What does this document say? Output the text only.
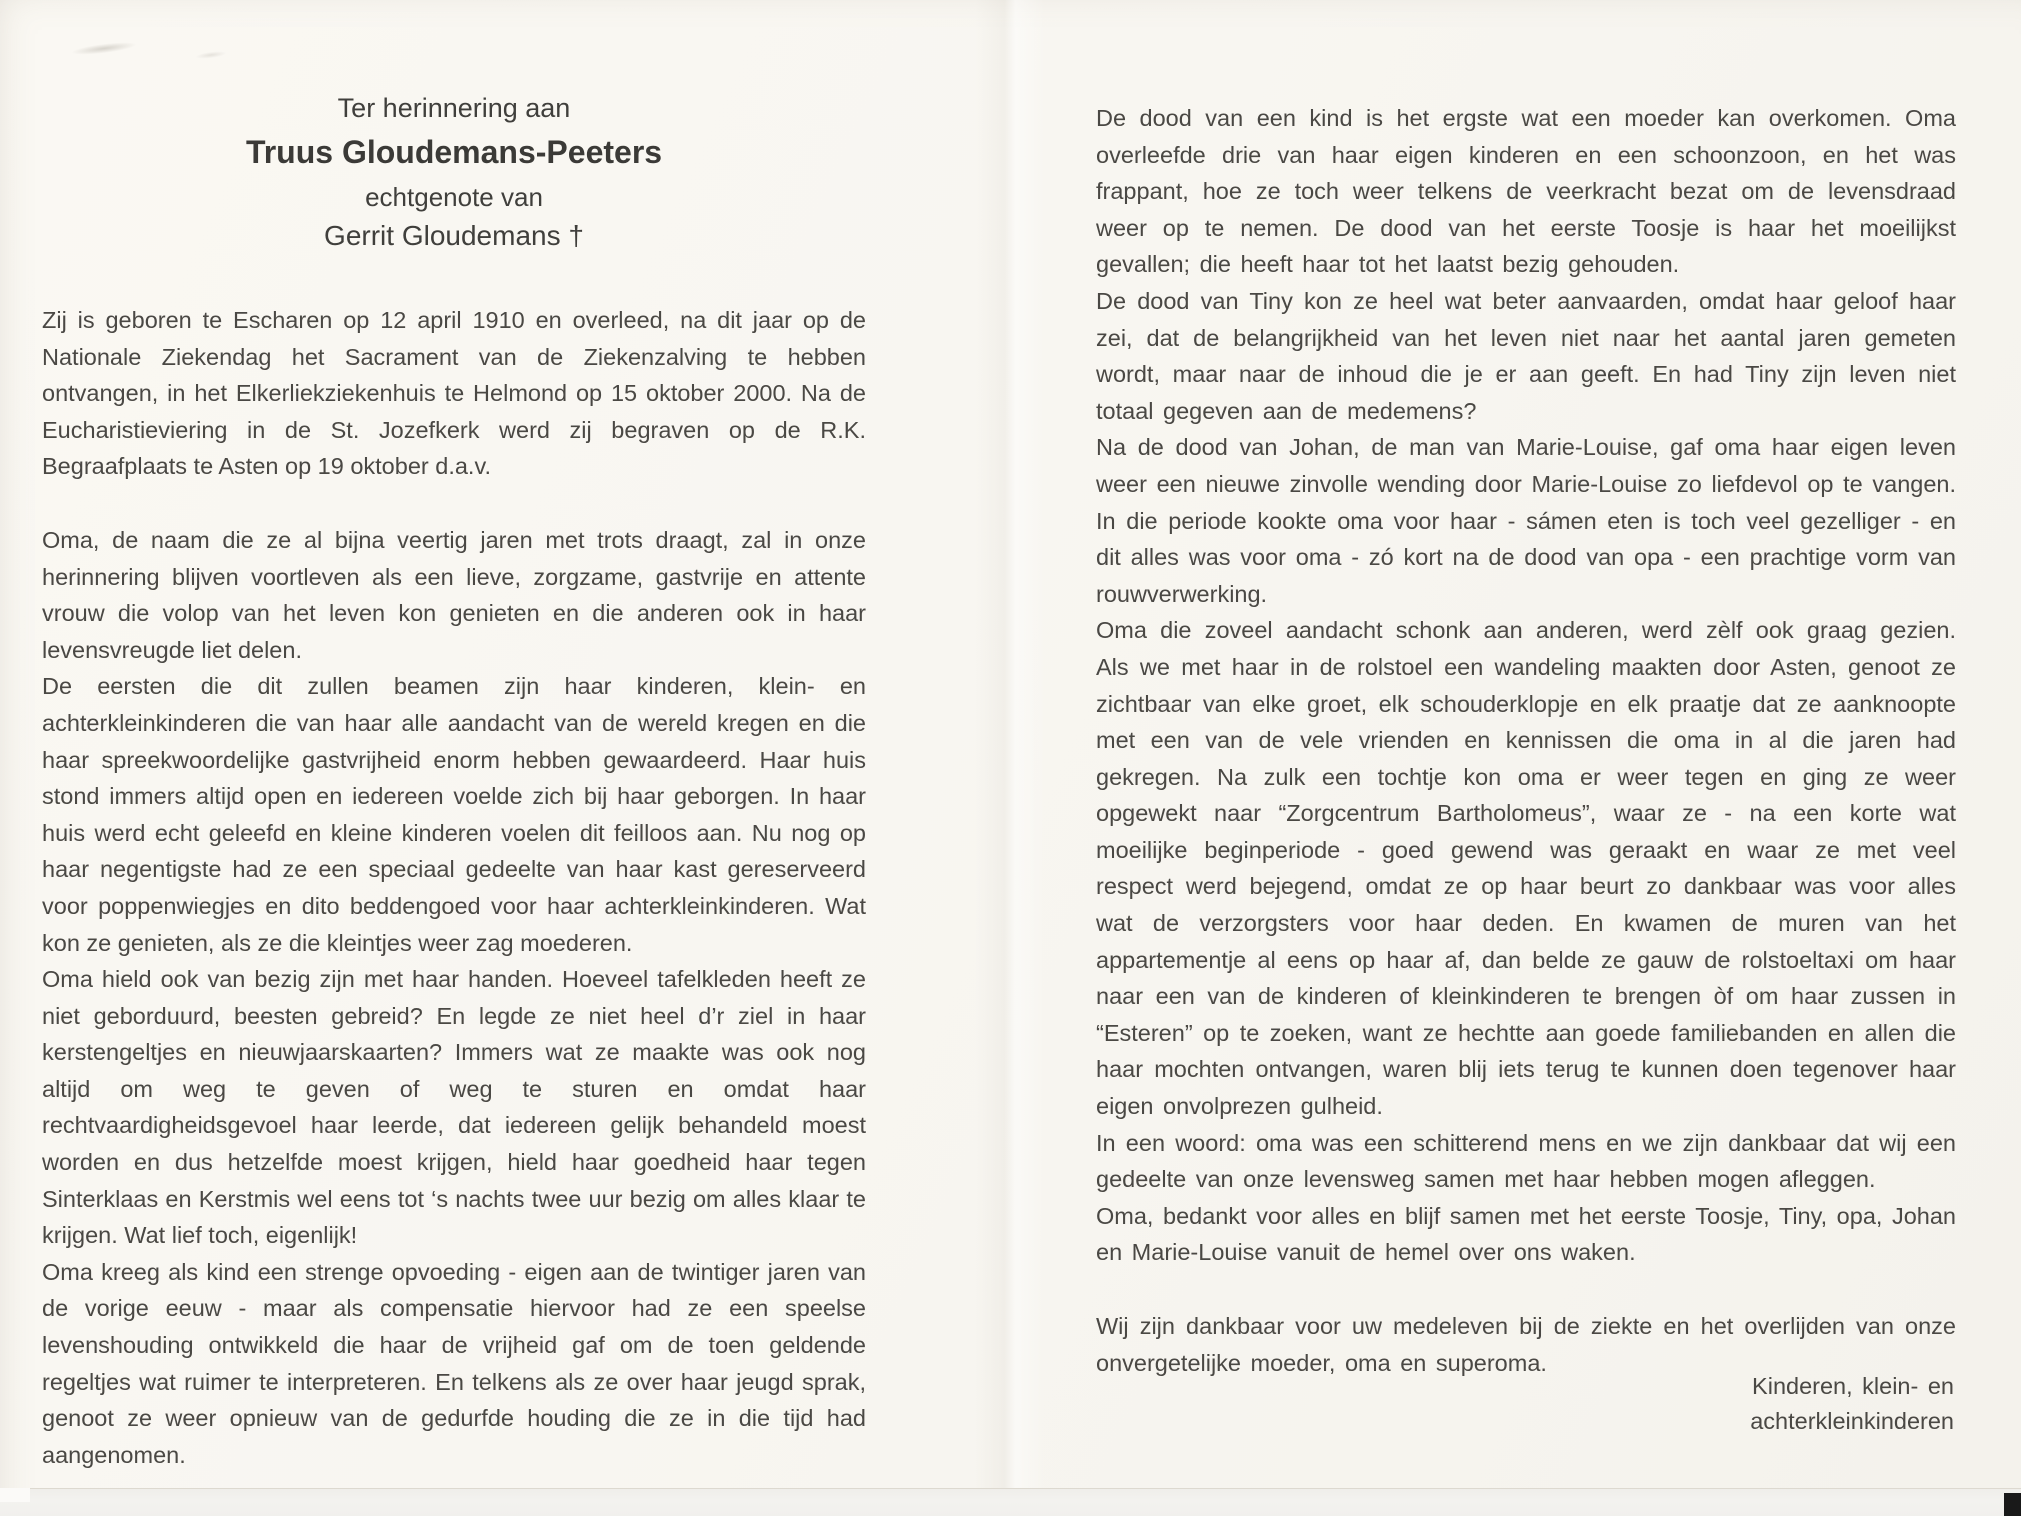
Ter herinnering aan
Truus Gloudemans-Peeters
echtgenote van
Gerrit Gloudemans †

Zij is geboren te Escharen op 12 april 1910 en overleed, na dit jaar op de Nationale Ziekendag het Sacrament van de Ziekenzalving te hebben ontvangen, in het Elkerliekziekenhuis te Helmond op 15 oktober 2000. Na de Eucharistieviering in de St. Jozefkerk werd zij begraven op de R.K. Begraafplaats te Asten op 19 oktober d.a.v.

Oma, de naam die ze al bijna veertig jaren met trots draagt, zal in onze herinnering blijven voortleven als een lieve, zorgzame, gastvrije en attente vrouw die volop van het leven kon genieten en die anderen ook in haar levensvreugde liet delen.

De eersten die dit zullen beamen zijn haar kinderen, klein- en achterkleinkinderen die van haar alle aandacht van de wereld kregen en die haar spreekwoordelijke gastvrijheid enorm hebben gewaardeerd. Haar huis stond immers altijd open en iedereen voelde zich bij haar geborgen. In haar huis werd echt geleefd en kleine kinderen voelen dit feilloos aan. Nu nog op haar negentigste had ze een speciaal gedeelte van haar kast gereserveerd voor poppenwiegjes en dito beddengoed voor haar achterkleinkinderen. Wat kon ze genieten, als ze die kleintjes weer zag moederen.

Oma hield ook van bezig zijn met haar handen. Hoeveel tafelkleden heeft ze niet geborduurd, beesten gebreid? En legde ze niet heel d’r ziel in haar kerstengeltjes en nieuwjaarskaarten? Immers wat ze maakte was ook nog altijd om weg te geven of weg te sturen en omdat haar rechtvaardigheidsgevoel haar leerde, dat iedereen gelijk behandeld moest worden en dus hetzelfde moest krijgen, hield haar goedheid haar tegen Sinterklaas en Kerstmis wel eens tot ‘s nachts twee uur bezig om alles klaar te krijgen. Wat lief toch, eigenlijk!

Oma kreeg als kind een strenge opvoeding - eigen aan de twintiger jaren van de vorige eeuw - maar als compensatie hiervoor had ze een speelse levenshouding ontwikkeld die haar de vrijheid gaf om de toen geldende regeltjes wat ruimer te interpreteren. En telkens als ze over haar jeugd sprak, genoot ze weer opnieuw van de gedurfde houding die ze in die tijd had aangenomen.

De dood van een kind is het ergste wat een moeder kan overkomen. Oma overleefde drie van haar eigen kinderen en een schoonzoon, en het was frappant, hoe ze toch weer telkens de veerkracht bezat om de levensdraad weer op te nemen. De dood van het eerste Toosje is haar het moeilijkst gevallen; die heeft haar tot het laatst bezig gehouden.

De dood van Tiny kon ze heel wat beter aanvaarden, omdat haar geloof haar zei, dat de belangrijkheid van het leven niet naar het aantal jaren gemeten wordt, maar naar de inhoud die je er aan geeft. En had Tiny zijn leven niet totaal gegeven aan de medemens?

Na de dood van Johan, de man van Marie-Louise, gaf oma haar eigen leven weer een nieuwe zinvolle wending door Marie-Louise zo liefdevol op te vangen. In die periode kookte oma voor haar - sámen eten is toch veel gezelliger - en dit alles was voor oma - zó kort na de dood van opa - een prachtige vorm van rouwverwerking.

Oma die zoveel aandacht schonk aan anderen, werd zèlf ook graag gezien. Als we met haar in de rolstoel een wandeling maakten door Asten, genoot ze zichtbaar van elke groet, elk schouderklopje en elk praatje dat ze aanknoopte met een van de vele vrienden en kennissen die oma in al die jaren had gekregen. Na zulk een tochtje kon oma er weer tegen en ging ze weer opgewekt naar “Zorgcentrum Bartholomeus”, waar ze - na een korte wat moeilijke beginperiode - goed gewend was geraakt en waar ze met veel respect werd bejegend, omdat ze op haar beurt zo dankbaar was voor alles wat de verzorgsters voor haar deden. En kwamen de muren van het appartementje al eens op haar af, dan belde ze gauw de rolstoeltaxi om haar naar een van de kinderen of kleinkinderen te brengen òf om haar zussen in “Esteren” op te zoeken, want ze hechtte aan goede familiebanden en allen die haar mochten ontvangen, waren blij iets terug te kunnen doen tegenover haar eigen onvolprezen gulheid.

In een woord: oma was een schitterend mens en we zijn dankbaar dat wij een gedeelte van onze levensweg samen met haar hebben mogen afleggen.

Oma, bedankt voor alles en blijf samen met het eerste Toosje, Tiny, opa, Johan en Marie-Louise vanuit de hemel over ons waken.

Wij zijn dankbaar voor uw medeleven bij de ziekte en het overlijden van onze onvergetelijke moeder, oma en superoma.

Kinderen, klein- en
achterkleinkinderen
